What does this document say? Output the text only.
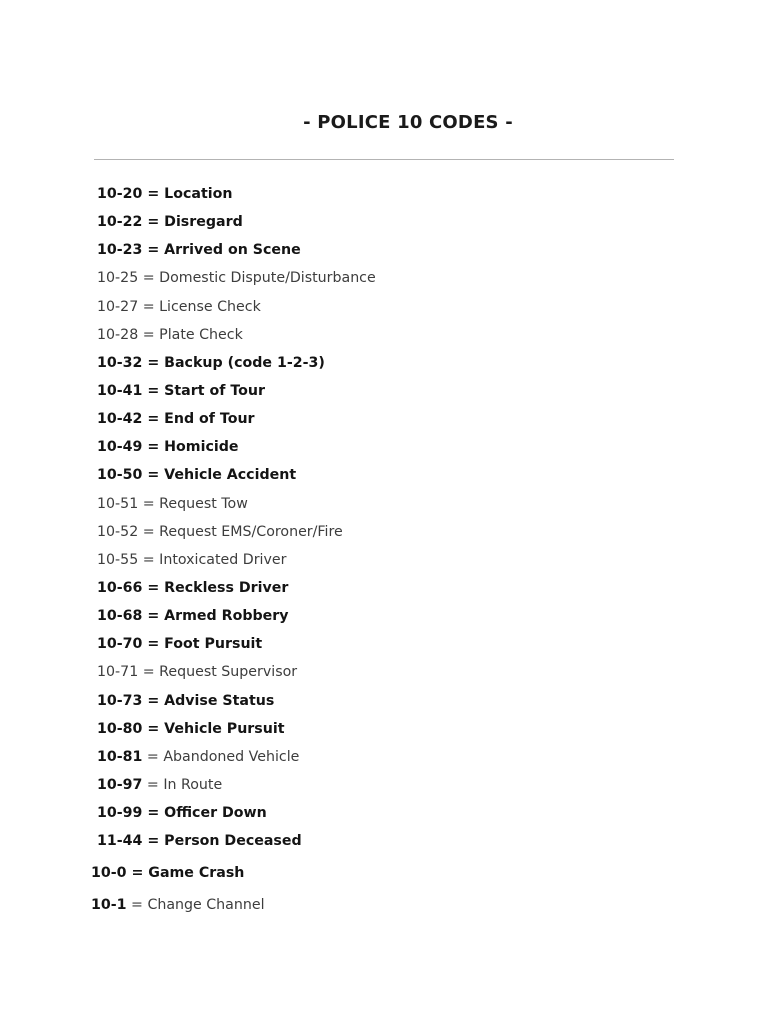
- POLICE 10 CODES -
10-20 = Location
10-22 = Disregard
10-23 = Arrived on Scene
10-25 = Domestic Dispute/Disturbance
10-27 = License Check
10-28 = Plate Check
10-32 = Backup (code 1-2-3)
10-41 = Start of Tour
10-42 = End of Tour
10-49 = Homicide
10-50 = Vehicle Accident
10-51 = Request Tow
10-52 = Request EMS/Coroner/Fire
10-55 = Intoxicated Driver
10-66 = Reckless Driver
10-68 = Armed Robbery
10-70 = Foot Pursuit
10-71 = Request Supervisor
10-73 = Advise Status
10-80 = Vehicle Pursuit
10-81 = Abandoned Vehicle
10-97 = In Route
10-99 = Officer Down
11-44 = Person Deceased
10-0 = Game Crash
10-1 = Change Channel
